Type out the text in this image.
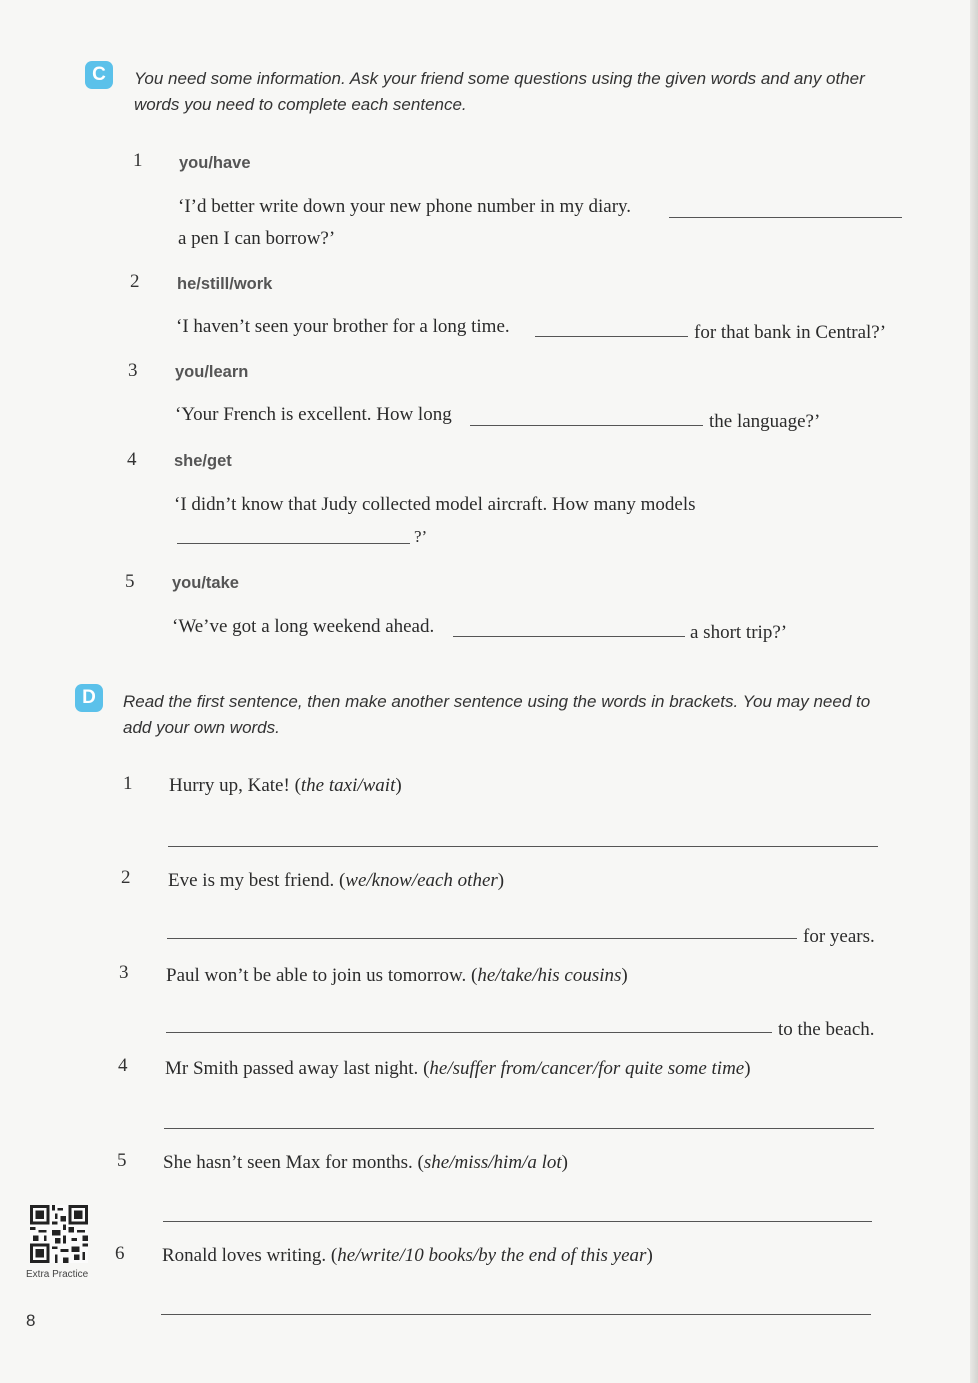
C	You need some information. Ask your friend some questions using the given words and any other words you need to complete each sentence.

1 you/have
‘I’d better write down your new phone number in my diary.
a pen I can borrow?’
2 he/still/work
‘I haven’t seen your brother for a long time.	for that bank in Central?’
3 you/learn
‘Your French is excellent. How long	the language?’
4 she/get
‘I didn’t know that Judy collected model aircraft. How many models
?’
5 you/take
‘We’ve got a long weekend ahead.	a short trip?’
D	Read the first sentence, then make another sentence using the words in brackets. You may need to add your own words.

1 Hurry up, Kate! (the taxi/wait)
2 Eve is my best friend. (we/know/each other)
for years.
3 Paul won’t be able to join us tomorrow. (he/take/his cousins)
to the beach.
4 Mr Smith passed away last night. (he/suffer from/cancer/for quite some time)
5 She hasn’t seen Max for months. (she/miss/him/a lot)
6 Ronald loves writing. (he/write/10 books/by the end of this year)
Extra Practice
8
